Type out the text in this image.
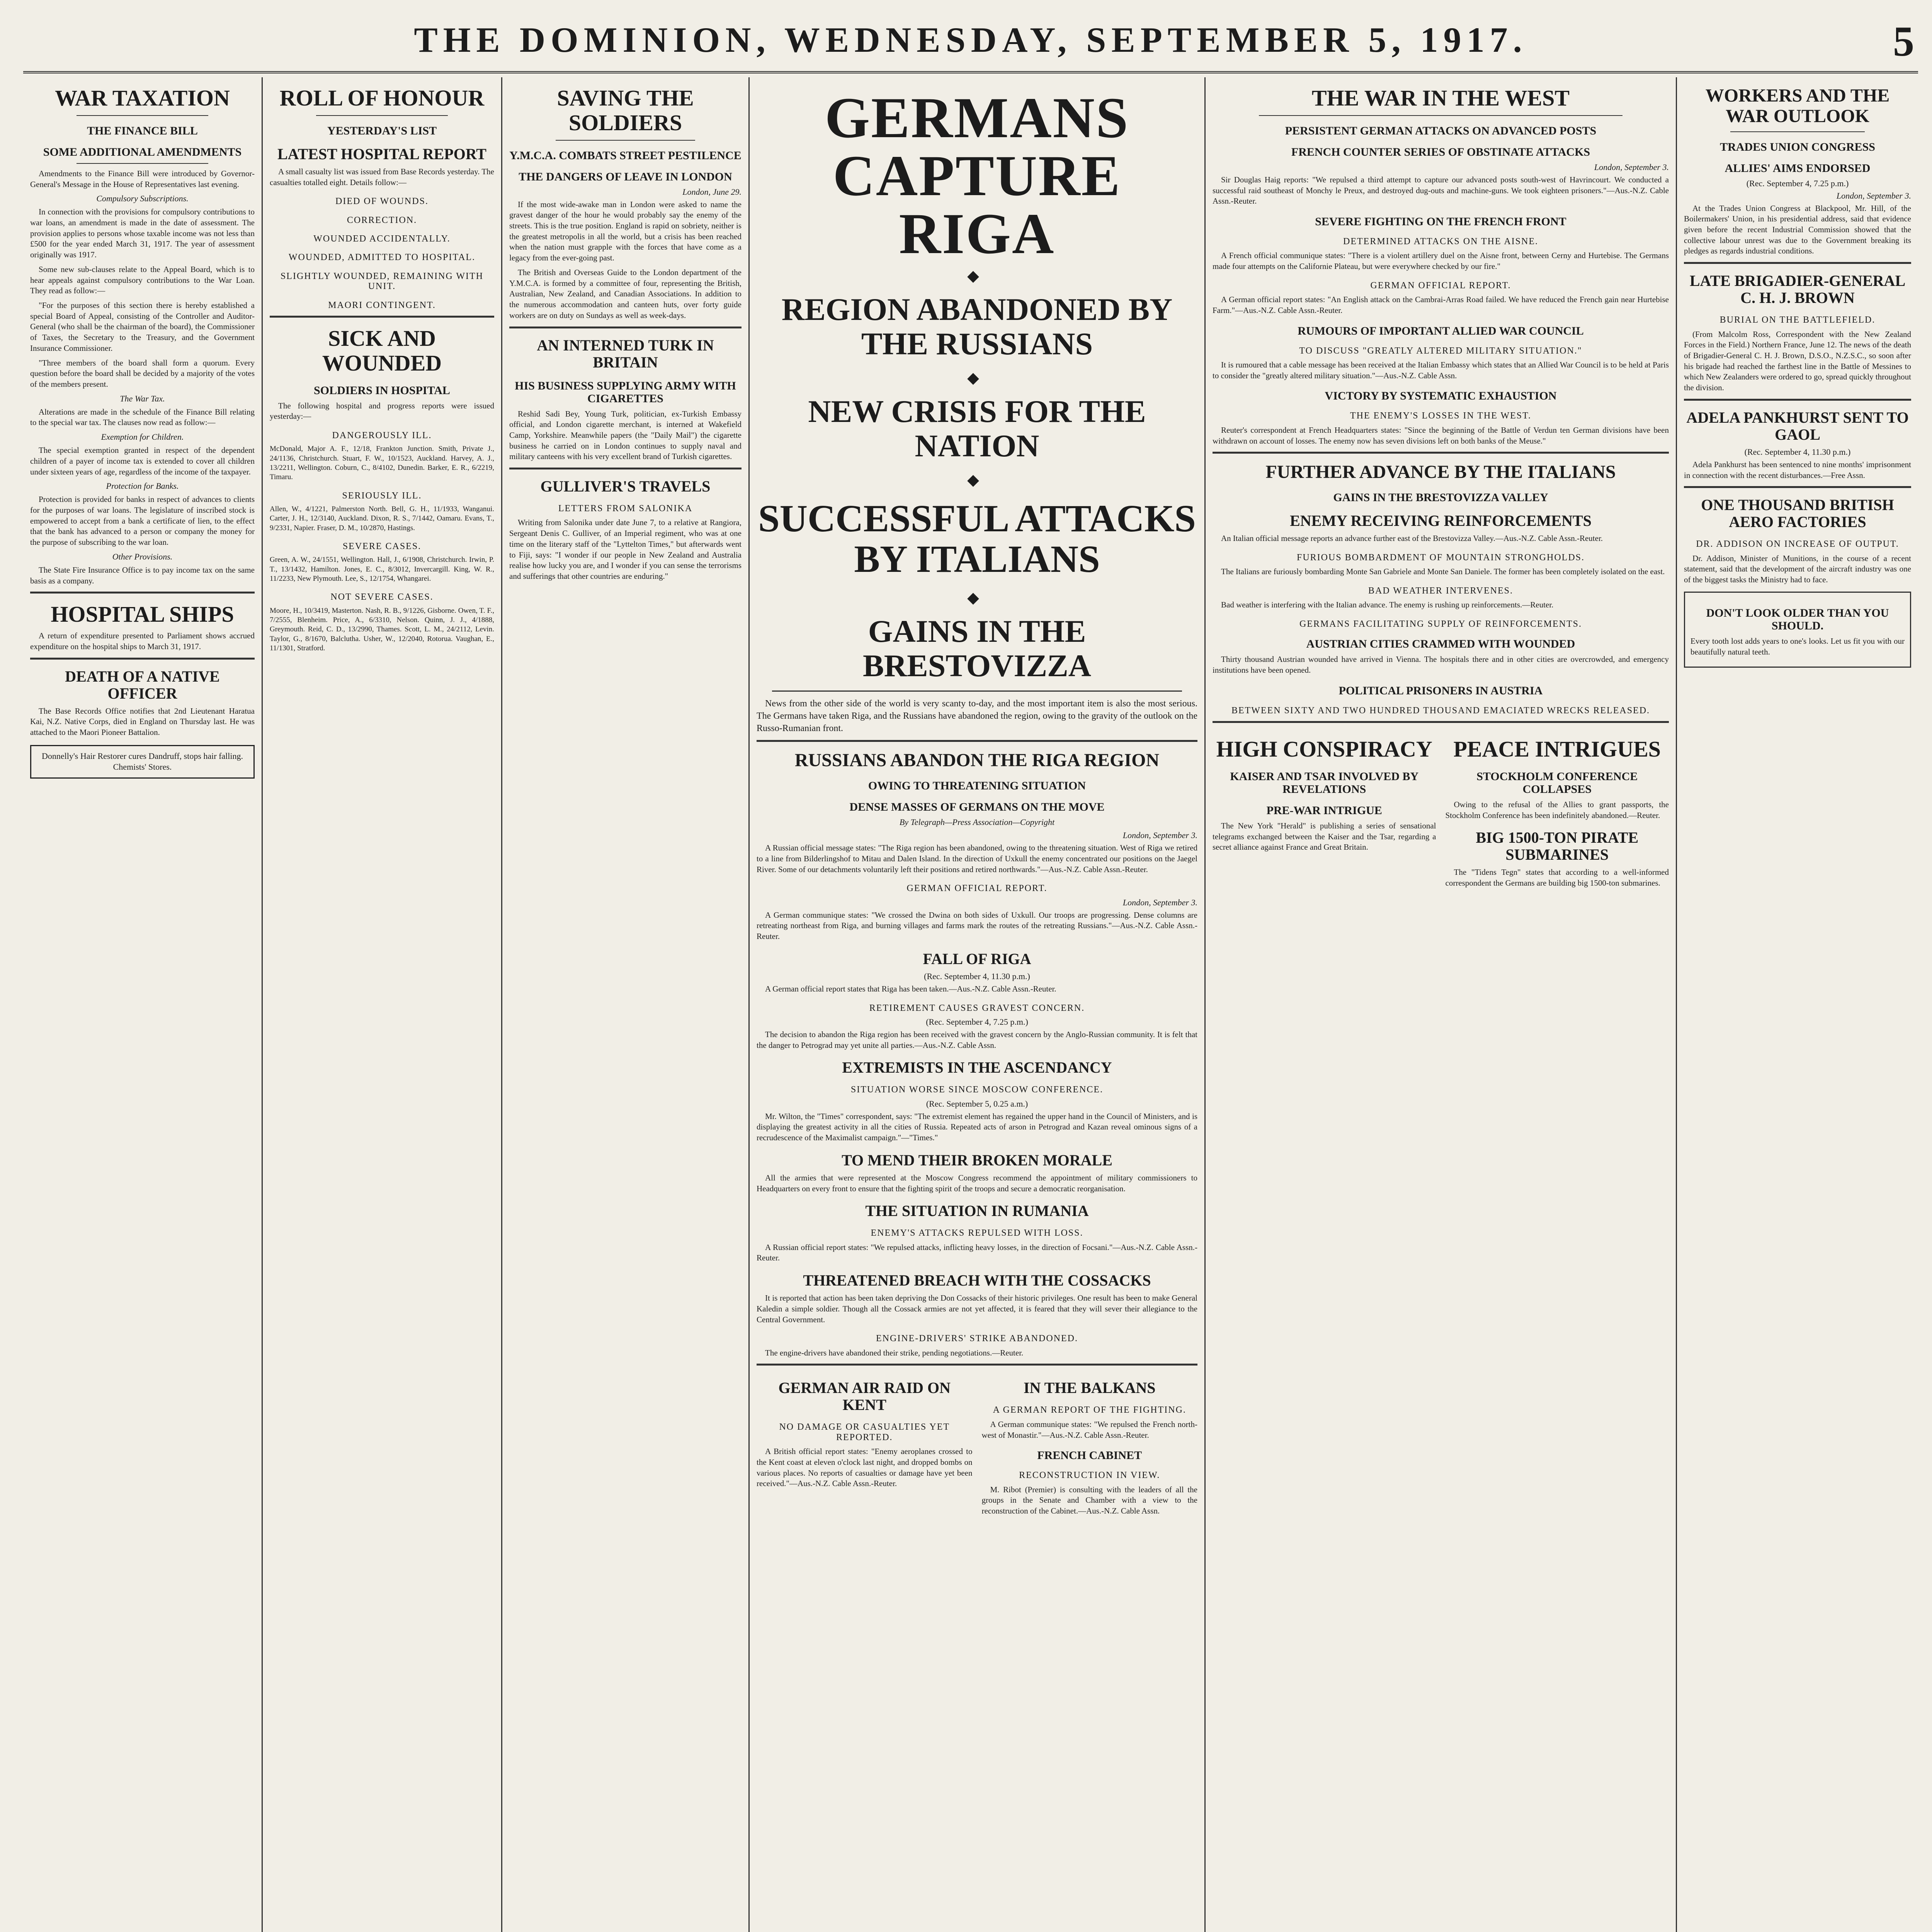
THE DOMINION, WEDNESDAY, SEPTEMBER 5, 1917.	5
WAR TAXATION
THE FINANCE BILL
SOME ADDITIONAL AMENDMENTS

Amendments to the Finance Bill were introduced by Governor-General's Message in the House of Representatives last evening.

Compulsory Subscriptions.

In connection with the provisions for compulsory contributions to war loans, an amendment is made in the date of assessment. The provision applies to persons whose taxable income was not less than £500 for the year ended March 31, 1917. The year of assessment originally was 1917.

Some new sub-clauses relate to the Appeal Board, which is to hear appeals against compulsory contributions to the War Loan. They read as follow:—

"For the purposes of this section there is hereby established a special Board of Appeal, consisting of the Controller and Auditor-General (who shall be the chairman of the board), the Commissioner of Taxes, the Secretary to the Treasury, and the Government Insurance Commissioner.

"Three members of the board shall form a quorum. Every question before the board shall be decided by a majority of the votes of the members present.

The War Tax.

Alterations are made in the schedule of the Finance Bill relating to the special war tax. The clauses now read as follow:—

Exemption for Children.

The special exemption granted in respect of the dependent children of a payer of income tax is extended to cover all children under sixteen years of age, regardless of the income of the taxpayer.

Protection for Banks.

Protection is provided for banks in respect of advances to clients for the purposes of war loans. The legislature of inscribed stock is empowered to accept from a bank a certificate of lien, to the effect that the bank has advanced to a person or company the money for the purpose of subscribing to the war loan.

Other Provisions.

The State Fire Insurance Office is to pay income tax on the same basis as a company.

HOSPITAL SHIPS

A return of expenditure presented to Parliament shows accrued expenditure on the hospital ships to March 31, 1917.

DEATH OF A NATIVE OFFICER

The Base Records Office notifies that 2nd Lieutenant Haratua Kai, N.Z. Native Corps, died in England on Thursday last. He was attached to the Maori Pioneer Battalion.

Donnelly's Hair Restorer cures Dandruff, stops hair falling. Chemists' Stores.
ROLL OF HONOUR
YESTERDAY'S LIST
LATEST HOSPITAL REPORT

A small casualty list was issued from Base Records yesterday. The casualties totalled eight. Details follow:—

DIED OF WOUNDS.
CORRECTION.
WOUNDED ACCIDENTALLY.
WOUNDED, ADMITTED TO HOSPITAL.
SLIGHTLY WOUNDED, REMAINING WITH UNIT.
MAORI CONTINGENT.
SICK AND WOUNDED
SOLDIERS IN HOSPITAL

The following hospital and progress reports were issued yesterday:—

DANGEROUSLY ILL.

McDonald, Major A. F., 12/18, Frankton Junction. Smith, Private J., 24/1136, Christchurch. Stuart, F. W., 10/1523, Auckland. Harvey, A. J., 13/2211, Wellington. Coburn, C., 8/4102, Dunedin. Barker, E. R., 6/2219, Timaru.

SERIOUSLY ILL.

Allen, W., 4/1221, Palmerston North. Bell, G. H., 11/1933, Wanganui. Carter, J. H., 12/3140, Auckland. Dixon, R. S., 7/1442, Oamaru. Evans, T., 9/2331, Napier. Fraser, D. M., 10/2870, Hastings.

SEVERE CASES.

Green, A. W., 24/1551, Wellington. Hall, J., 6/1908, Christchurch. Irwin, P. T., 13/1432, Hamilton. Jones, E. C., 8/3012, Invercargill. King, W. R., 11/2233, New Plymouth. Lee, S., 12/1754, Whangarei.

NOT SEVERE CASES.

Moore, H., 10/3419, Masterton. Nash, R. B., 9/1226, Gisborne. Owen, T. F., 7/2555, Blenheim. Price, A., 6/3310, Nelson. Quinn, J. J., 4/1888, Greymouth. Reid, C. D., 13/2990, Thames. Scott, L. M., 24/2112, Levin. Taylor, G., 8/1670, Balclutha. Usher, W., 12/2040, Rotorua. Vaughan, E., 11/1301, Stratford.

SAVING THE SOLDIERS
Y.M.C.A. COMBATS STREET PESTILENCE
THE DANGERS OF LEAVE IN LONDON
London, June 29.

If the most wide-awake man in London were asked to name the gravest danger of the hour he would probably say the enemy of the streets. This is the true position. England is rapid on sobriety, neither is the greatest metropolis in all the world, but a crisis has been reached when the nation must grapple with the forces that have come as a legacy from the ever-going past.

The British and Overseas Guide to the London department of the Y.M.C.A. is formed by a committee of four, representing the British, Australian, New Zealand, and Canadian Associations. In addition to the numerous accommodation and canteen huts, over forty guide workers are on duty on Sundays as well as week-days.

AN INTERNED TURK IN BRITAIN
HIS BUSINESS SUPPLYING ARMY WITH CIGARETTES

Reshid Sadi Bey, Young Turk, politician, ex-Turkish Embassy official, and London cigarette merchant, is interned at Wakefield Camp, Yorkshire. Meanwhile papers (the "Daily Mail") the cigarette business he carried on in London continues to supply naval and military canteens with his very excellent brand of Turkish cigarettes.

GULLIVER'S TRAVELS
LETTERS FROM SALONIKA

Writing from Salonika under date June 7, to a relative at Rangiora, Sergeant Denis C. Gulliver, of an Imperial regiment, who was at one time on the literary staff of the "Lyttelton Times," but afterwards went to Fiji, says: "I wonder if our people in New Zealand and Australia realise how lucky you are, and I wonder if you can sense the terrorisms and sufferings that other countries are enduring."

GERMANS CAPTURE RIGA
◆
REGION ABANDONED BY THE RUSSIANS
◆
NEW CRISIS FOR THE NATION
◆
SUCCESSFUL ATTACKS BY ITALIANS
◆
GAINS IN THE BRESTOVIZZA

News from the other side of the world is very scanty to-day, and the most important item is also the most serious. The Germans have taken Riga, and the Russians have abandoned the region, owing to the gravity of the outlook on the Russo-Rumanian front.

RUSSIANS ABANDON THE RIGA REGION
OWING TO THREATENING SITUATION
DENSE MASSES OF GERMANS ON THE MOVE
By Telegraph—Press Association—Copyright
London, September 3.

A Russian official message states: "The Riga region has been abandoned, owing to the threatening situation. West of Riga we retired to a line from Bilderlingshof to Mitau and Dalen Island. In the direction of Uxkull the enemy concentrated our positions on the Jaegel River. Some of our detachments voluntarily left their positions and retired northwards."—Aus.-N.Z. Cable Assn.-Reuter.

GERMAN OFFICIAL REPORT.
London, September 3.

A German communique states: "We crossed the Dwina on both sides of Uxkull. Our troops are progressing. Dense columns are retreating northeast from Riga, and burning villages and farms mark the routes of the retreating Russians."—Aus.-N.Z. Cable Assn.-Reuter.

FALL OF RIGA
(Rec. September 4, 11.30 p.m.)

A German official report states that Riga has been taken.—Aus.-N.Z. Cable Assn.-Reuter.

RETIREMENT CAUSES GRAVEST CONCERN.
(Rec. September 4, 7.25 p.m.)

The decision to abandon the Riga region has been received with the gravest concern by the Anglo-Russian community. It is felt that the danger to Petrograd may yet unite all parties.—Aus.-N.Z. Cable Assn.

EXTREMISTS IN THE ASCENDANCY
SITUATION WORSE SINCE MOSCOW CONFERENCE.
(Rec. September 5, 0.25 a.m.)

Mr. Wilton, the "Times" correspondent, says: "The extremist element has regained the upper hand in the Council of Ministers, and is displaying the greatest activity in all the cities of Russia. Repeated acts of arson in Petrograd and Kazan reveal ominous signs of a recrudescence of the Maximalist campaign."—"Times."

TO MEND THEIR BROKEN MORALE

All the armies that were represented at the Moscow Congress recommend the appointment of military commissioners to Headquarters on every front to ensure that the fighting spirit of the troops and secure a democratic reorganisation.

THE SITUATION IN RUMANIA
ENEMY'S ATTACKS REPULSED WITH LOSS.

A Russian official report states: "We repulsed attacks, inflicting heavy losses, in the direction of Focsani."—Aus.-N.Z. Cable Assn.-Reuter.

THREATENED BREACH WITH THE COSSACKS

It is reported that action has been taken depriving the Don Cossacks of their historic privileges. One result has been to make General Kaledin a simple soldier. Though all the Cossack armies are not yet affected, it is feared that they will sever their allegiance to the Central Government.

ENGINE-DRIVERS' STRIKE ABANDONED.

The engine-drivers have abandoned their strike, pending negotiations.—Reuter.

GERMAN AIR RAID ON KENT
NO DAMAGE OR CASUALTIES YET REPORTED.

A British official report states: "Enemy aeroplanes crossed to the Kent coast at eleven o'clock last night, and dropped bombs on various places. No reports of casualties or damage have yet been received."—Aus.-N.Z. Cable Assn.-Reuter.

IN THE BALKANS
A GERMAN REPORT OF THE FIGHTING.

A German communique states: "We repulsed the French north-west of Monastir."—Aus.-N.Z. Cable Assn.-Reuter.

FRENCH CABINET
RECONSTRUCTION IN VIEW.

M. Ribot (Premier) is consulting with the leaders of all the groups in the Senate and Chamber with a view to the reconstruction of the Cabinet.—Aus.-N.Z. Cable Assn.

THE WAR IN THE WEST
PERSISTENT GERMAN ATTACKS ON ADVANCED POSTS
FRENCH COUNTER SERIES OF OBSTINATE ATTACKS
London, September 3.

Sir Douglas Haig reports: "We repulsed a third attempt to capture our advanced posts south-west of Havrincourt. We conducted a successful raid southeast of Monchy le Preux, and destroyed dug-outs and machine-guns. We took eighteen prisoners."—Aus.-N.Z. Cable Assn.-Reuter.

SEVERE FIGHTING ON THE FRENCH FRONT
DETERMINED ATTACKS ON THE AISNE.

A French official communique states: "There is a violent artillery duel on the Aisne front, between Cerny and Hurtebise. The Germans made four attempts on the Californie Plateau, but were everywhere checked by our fire."

GERMAN OFFICIAL REPORT.

A German official report states: "An English attack on the Cambrai-Arras Road failed. We have reduced the French gain near Hurtebise Farm."—Aus.-N.Z. Cable Assn.-Reuter.

RUMOURS OF IMPORTANT ALLIED WAR COUNCIL
TO DISCUSS "GREATLY ALTERED MILITARY SITUATION."

It is rumoured that a cable message has been received at the Italian Embassy which states that an Allied War Council is to be held at Paris to consider the "greatly altered military situation."—Aus.-N.Z. Cable Assn.

VICTORY BY SYSTEMATIC EXHAUSTION
THE ENEMY'S LOSSES IN THE WEST.

Reuter's correspondent at French Headquarters states: "Since the beginning of the Battle of Verdun ten German divisions have been withdrawn on account of losses. The enemy now has seven divisions left on both banks of the Meuse."

FURTHER ADVANCE BY THE ITALIANS
GAINS IN THE BRESTOVIZZA VALLEY
ENEMY RECEIVING REINFORCEMENTS

An Italian official message reports an advance further east of the Brestovizza Valley.—Aus.-N.Z. Cable Assn.-Reuter.

FURIOUS BOMBARDMENT OF MOUNTAIN STRONGHOLDS.

The Italians are furiously bombarding Monte San Gabriele and Monte San Daniele. The former has been completely isolated on the east.

BAD WEATHER INTERVENES.

Bad weather is interfering with the Italian advance. The enemy is rushing up reinforcements.—Reuter.

GERMANS FACILITATING SUPPLY OF REINFORCEMENTS.
AUSTRIAN CITIES CRAMMED WITH WOUNDED

Thirty thousand Austrian wounded have arrived in Vienna. The hospitals there and in other cities are overcrowded, and emergency institutions have been opened.

POLITICAL PRISONERS IN AUSTRIA
BETWEEN SIXTY AND TWO HUNDRED THOUSAND EMACIATED WRECKS RELEASED.
HIGH CONSPIRACY
KAISER AND TSAR INVOLVED BY REVELATIONS
PRE-WAR INTRIGUE

The New York "Herald" is publishing a series of sensational telegrams exchanged between the Kaiser and the Tsar, regarding a secret alliance against France and Great Britain.

PEACE INTRIGUES
STOCKHOLM CONFERENCE COLLAPSES

Owing to the refusal of the Allies to grant passports, the Stockholm Conference has been indefinitely abandoned.—Reuter.

BIG 1500-TON PIRATE SUBMARINES

The "Tidens Tegn" states that according to a well-informed correspondent the Germans are building big 1500-ton submarines.

WORKERS AND THE WAR OUTLOOK
TRADES UNION CONGRESS
ALLIES' AIMS ENDORSED
(Rec. September 4, 7.25 p.m.)
London, September 3.

At the Trades Union Congress at Blackpool, Mr. Hill, of the Boilermakers' Union, in his presidential address, said that evidence given before the recent Industrial Commission showed that the collective labour unrest was due to the Government breaking its pledges as regards industrial conditions.

LATE BRIGADIER-GENERAL C. H. J. BROWN
BURIAL ON THE BATTLEFIELD.

(From Malcolm Ross, Correspondent with the New Zealand Forces in the Field.) Northern France, June 12. The news of the death of Brigadier-General C. H. J. Brown, D.S.O., N.Z.S.C., so soon after his brigade had reached the farthest line in the Battle of Messines to which New Zealanders were ordered to go, spread quickly throughout the division.

ADELA PANKHURST SENT TO GAOL
(Rec. September 4, 11.30 p.m.)

Adela Pankhurst has been sentenced to nine months' imprisonment in connection with the recent disturbances.—Free Assn.

ONE THOUSAND BRITISH AERO FACTORIES
DR. ADDISON ON INCREASE OF OUTPUT.

Dr. Addison, Minister of Munitions, in the course of a recent statement, said that the development of the aircraft industry was one of the biggest tasks the Ministry had to face.

DON'T LOOK OLDER THAN YOU SHOULD.

Every tooth lost adds years to one's looks. Let us fit you with our beautifully natural teeth.
